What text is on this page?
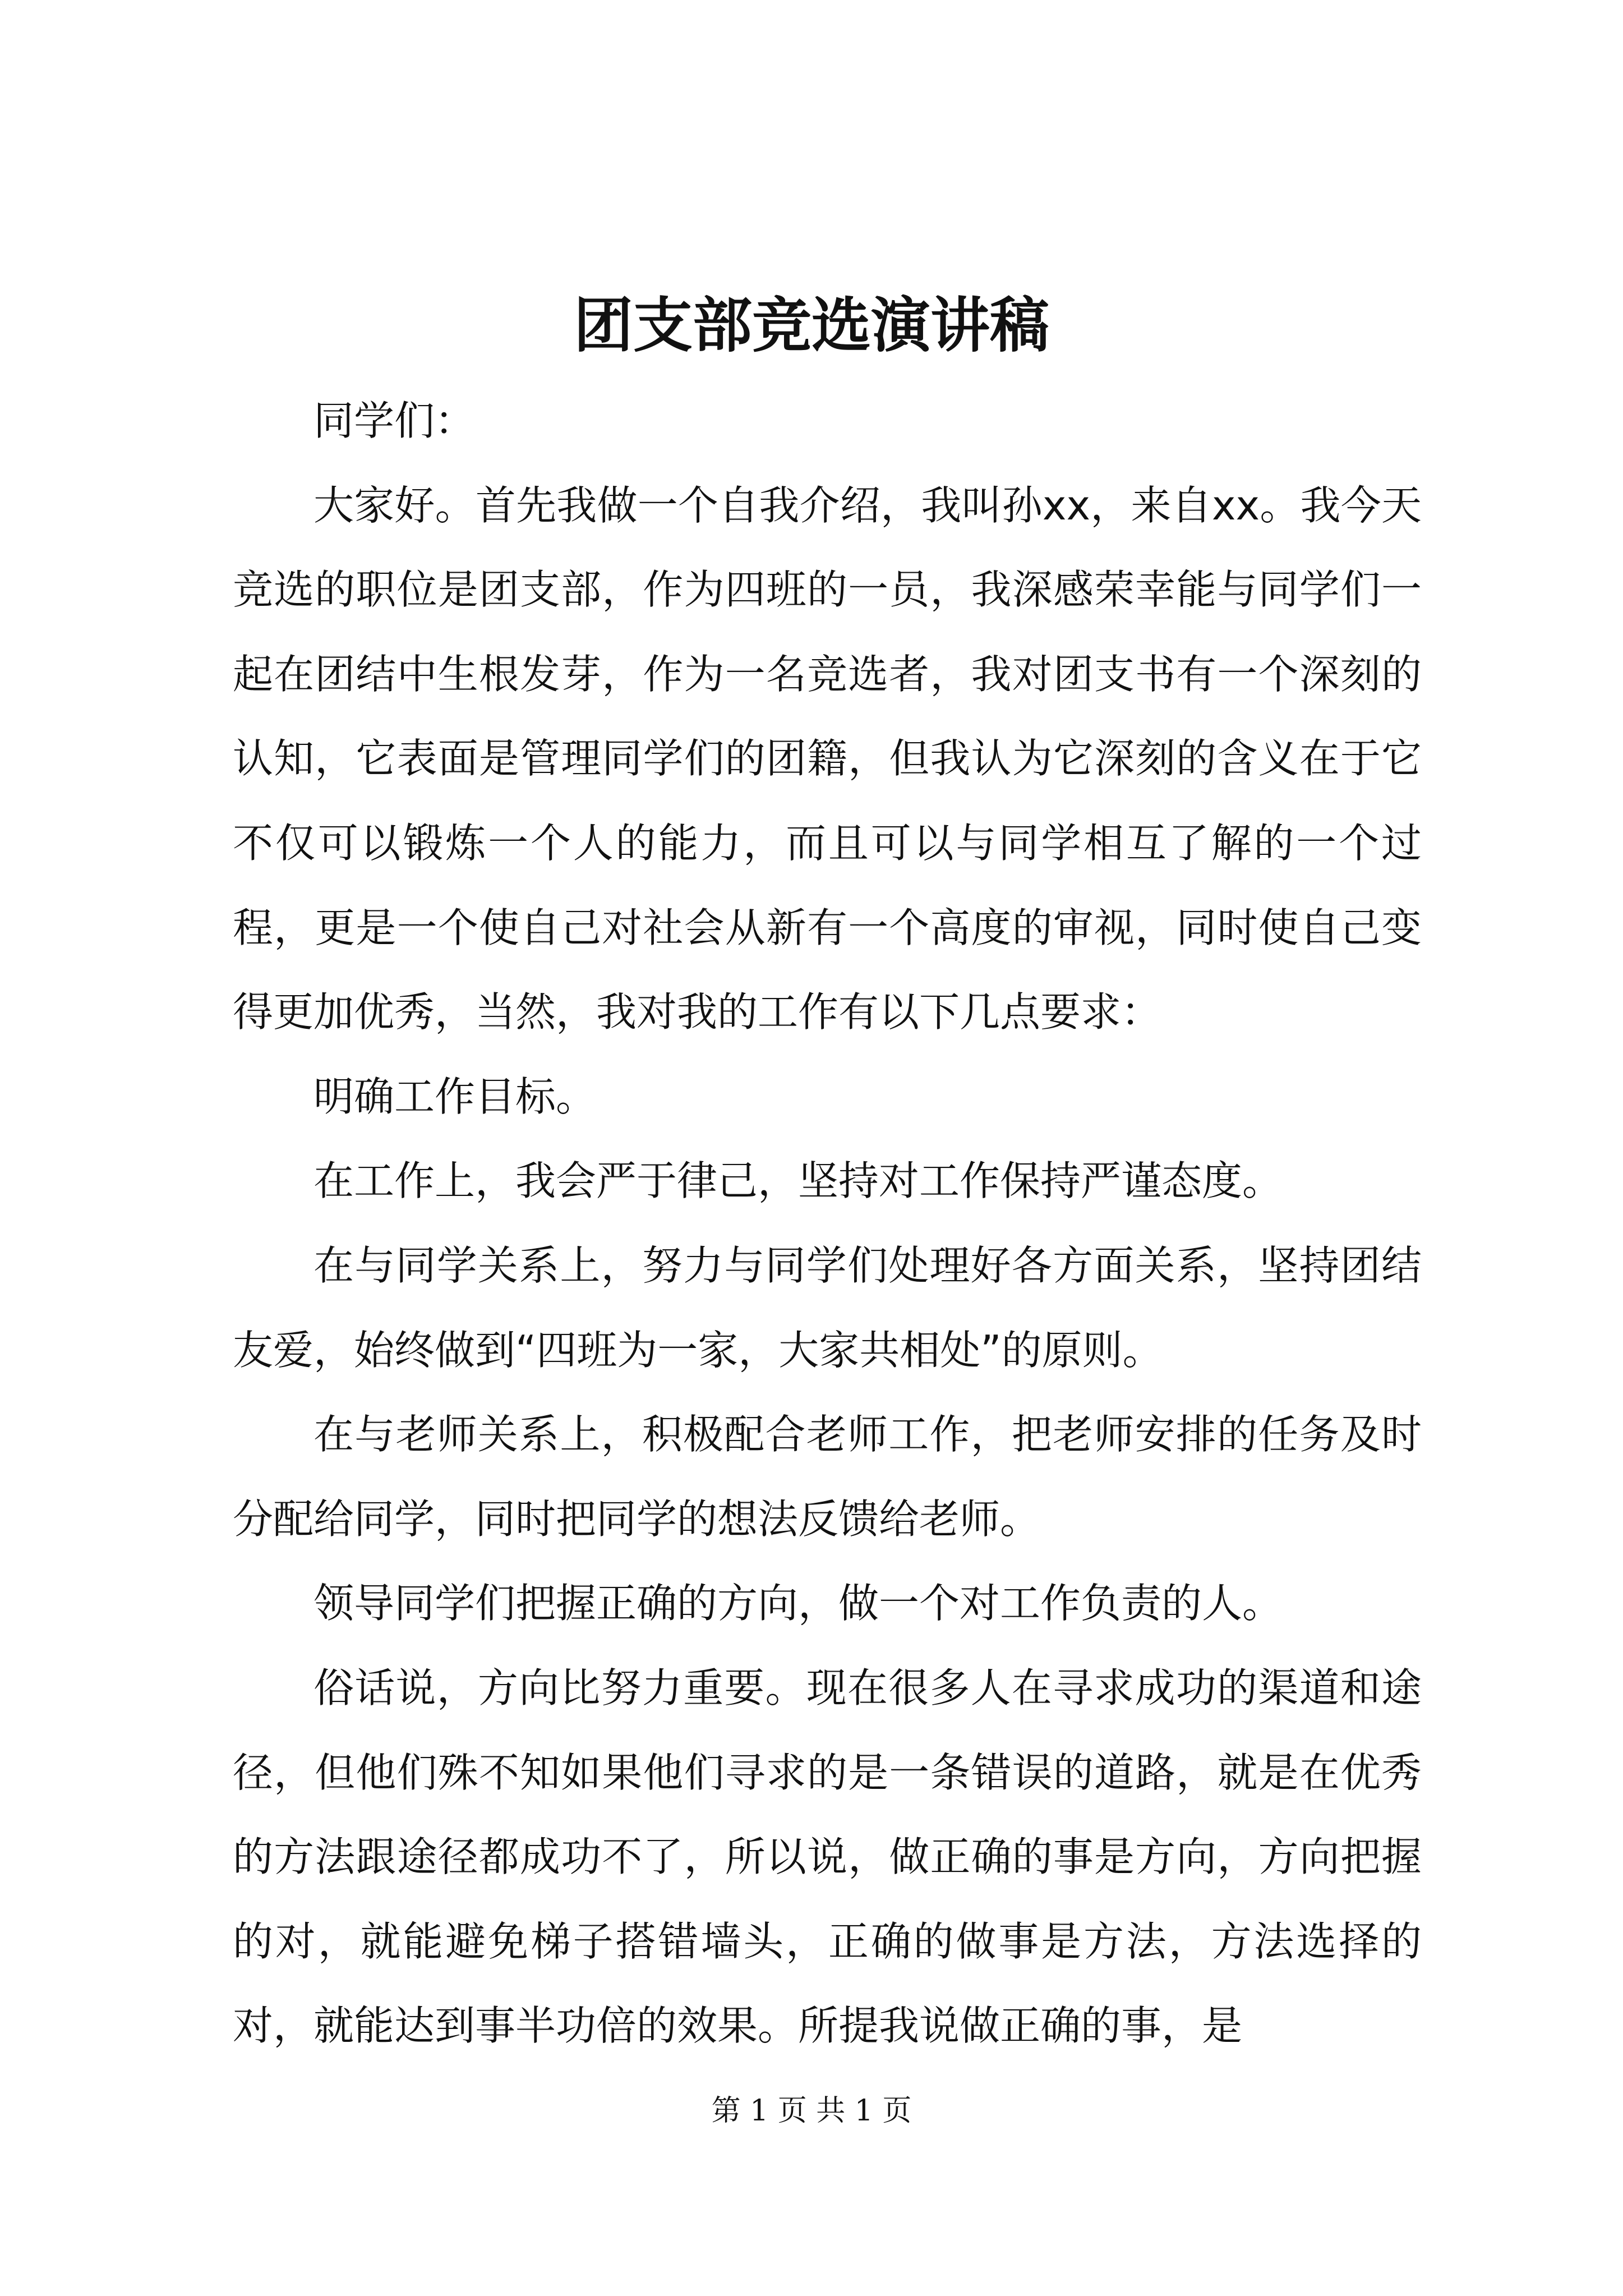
团支部竞选演讲稿

同学们：

大家好。首先我做一个自我介绍，我叫孙xx，来自xx。我今天竞选的职位是团支部，作为四班的一员，我深感荣幸能与同学们一起在团结中生根发芽，作为一名竞选者，我对团支书有一个深刻的认知，它表面是管理同学们的团籍，但我认为它深刻的含义在于它不仅可以锻炼一个人的能力，而且可以与同学相互了解的一个过程，更是一个使自己对社会从新有一个高度的审视，同时使自己变得更加优秀，当然，我对我的工作有以下几点要求：

明确工作目标。

在工作上，我会严于律己，坚持对工作保持严谨态度。

在与同学关系上，努力与同学们处理好各方面关系，坚持团结友爱，始终做到“四班为一家，大家共相处”的原则。

在与老师关系上，积极配合老师工作，把老师安排的任务及时分配给同学，同时把同学的想法反馈给老师。

领导同学们把握正确的方向，做一个对工作负责的人。

俗话说，方向比努力重要。现在很多人在寻求成功的渠道和途径，但他们殊不知如果他们寻求的是一条错误的道路，就是在优秀的方法跟途径都成功不了，所以说，做正确的事是方向，方向把握的对，就能避免梯子搭错墙头，正确的做事是方法，方法选择的对，就能达到事半功倍的效果。所提我说做正确的事，是

第 1 页 共 1 页
